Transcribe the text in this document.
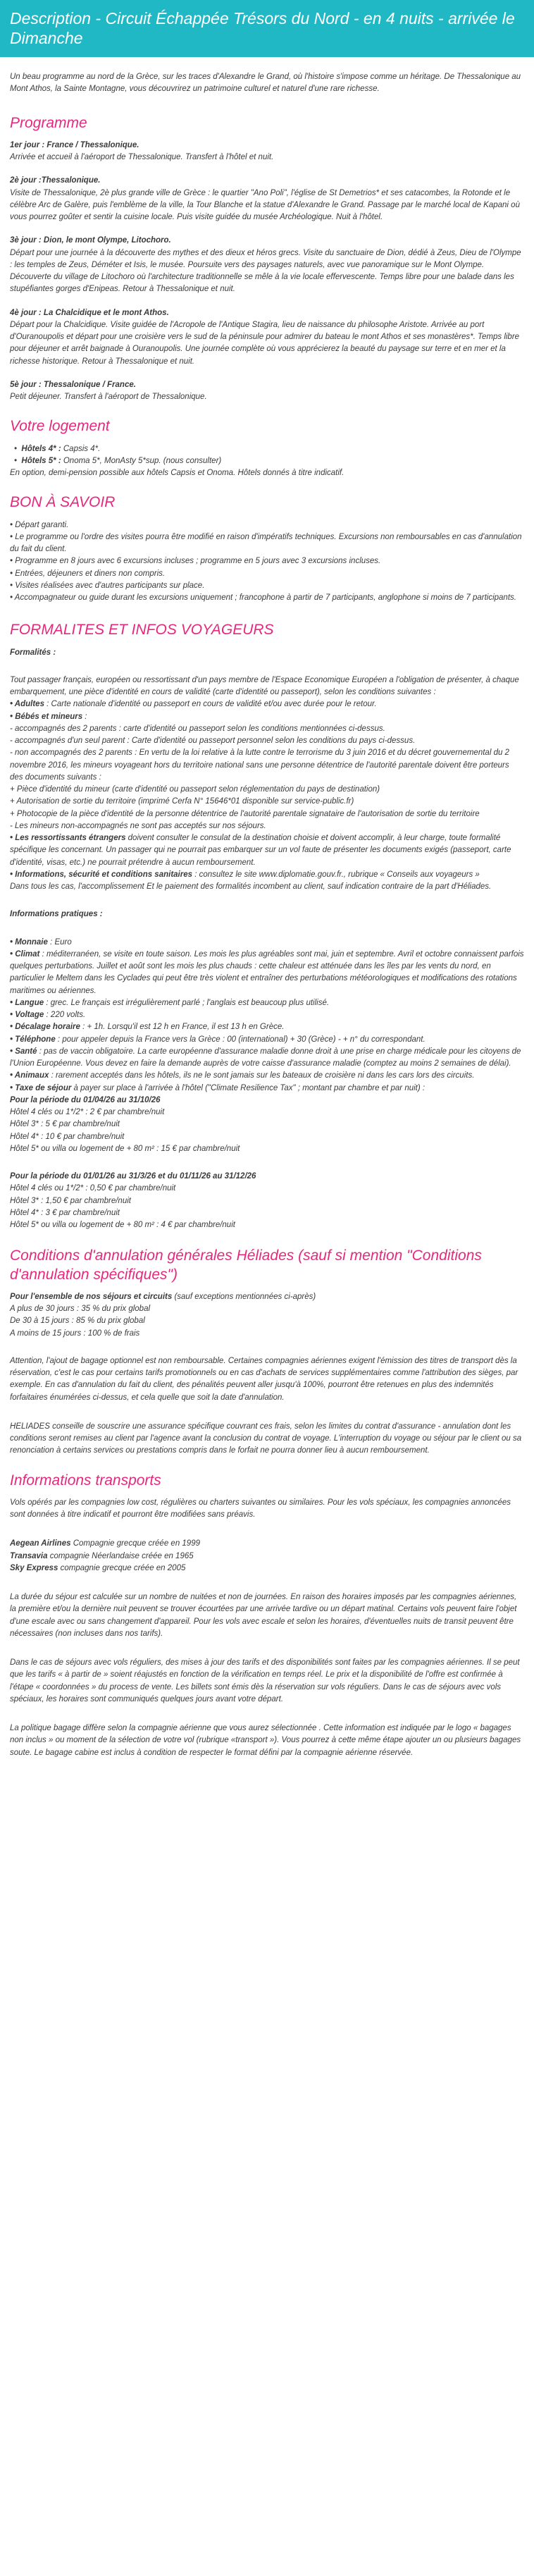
Description - Circuit Échappée Trésors du Nord - en 4 nuits - arrivée le Dimanche

Un beau programme au nord de la Grèce, sur les traces d'Alexandre le Grand, où l'histoire s'impose comme un héritage. De Thessalonique au Mont Athos, la Sainte Montagne, vous découvrirez un patrimoine culturel et naturel d'une rare richesse.

Programme
1er jour : France / Thessalonique.
Arrivée et accueil à l'aéroport de Thessalonique. Transfert à l'hôtel et nuit.
2è jour :Thessalonique.
Visite de Thessalonique, 2è plus grande ville de Grèce : le quartier "Ano Poli", l'église de St Demetrios* et ses catacombes, la Rotonde et le célèbre Arc de Galère, puis l'emblème de la ville, la Tour Blanche et la statue d'Alexandre le Grand. Passage par le marché local de Kapani où vous pourrez goûter et sentir la cuisine locale. Puis visite guidée du musée Archéologique. Nuit à l'hôtel.
3è jour : Dion, le mont Olympe, Litochoro.
Départ pour une journée à la découverte des mythes et des dieux et héros grecs. Visite du sanctuaire de Dion, dédié à Zeus, Dieu de l'Olympe : les temples de Zeus, Déméter et Isis, le musée. Poursuite vers des paysages naturels, avec vue panoramique sur le Mont Olympe. Découverte du village de Litochoro où l'architecture traditionnelle se mêle à la vie locale effervescente. Temps libre pour une balade dans les stupéfiantes gorges d'Enipeas. Retour à Thessalonique et nuit.
4è jour : La Chalcidique et le mont Athos.
Départ pour la Chalcidique. Visite guidée de l'Acropole de l'Antique Stagira, lieu de naissance du philosophe Aristote. Arrivée au port d'Ouranoupolis et départ pour une croisière vers le sud de la péninsule pour admirer du bateau le mont Athos et ses monastères*. Temps libre pour déjeuner et arrêt baignade à Ouranoupolis. Une journée complète où vous apprécierez la beauté du paysage sur terre et en mer et la richesse historique. Retour à Thessalonique et nuit.
5è jour : Thessalonique / France.
Petit déjeuner. Transfert à l'aéroport de Thessalonique.
Votre logement
•  Hôtels 4* : Capsis 4*.
•  Hôtels 5* : Onoma 5*, MonAsty 5*sup. (nous consulter)

En option, demi-pension possible aux hôtels Capsis et Onoma. Hôtels donnés à titre indicatif.

BON À SAVOIR
• Départ garanti.
• Le programme ou l'ordre des visites pourra être modifié en raison d'impératifs techniques. Excursions non remboursables en cas d'annulation du fait du client.
• Programme en 8 jours avec 6 excursions incluses ; programme en 5 jours avec 3 excursions incluses.
• Entrées, déjeuners et diners non compris.
• Visites réalisées avec d'autres participants sur place.
• Accompagnateur ou guide durant les excursions uniquement ; francophone à partir de 7 participants, anglophone si moins de 7 participants.
FORMALITES ET INFOS VOYAGEURS
Formalités :
Tout passager français, européen ou ressortissant d'un pays membre de l'Espace Economique Européen a l'obligation de présenter, à chaque embarquement, une pièce d'identité en cours de validité (carte d'identité ou passeport), selon les conditions suivantes :
• Adultes : Carte nationale d'identité ou passeport en cours de validité et/ou avec durée pour le retour.
• Bébés et mineurs :
- accompagnés des 2 parents : carte d'identité ou passeport selon les conditions mentionnées ci-dessus.
- accompagnés d'un seul parent : Carte d'identité ou passeport personnel selon les conditions du pays ci-dessus.
- non accompagnés des 2 parents : En vertu de la loi relative à la lutte contre le terrorisme du 3 juin 2016 et du décret gouvernemental du 2 novembre 2016, les mineurs voyageant hors du territoire national sans une personne détentrice de l'autorité parentale doivent être porteurs des documents suivants :
+ Pièce d'identité du mineur (carte d'identité ou passeport selon réglementation du pays de destination)
+ Autorisation de sortie du territoire (imprimé Cerfa N° 15646*01 disponible sur service-public.fr)
+ Photocopie de la pièce d'identité de la personne détentrice de l'autorité parentale signataire de l'autorisation de sortie du territoire
- Les mineurs non-accompagnés ne sont pas acceptés sur nos séjours.
• Les ressortissants étrangers doivent consulter le consulat de la destination choisie et doivent accomplir, à leur charge, toute formalité spécifique les concernant. Un passager qui ne pourrait pas embarquer sur un vol faute de présenter les documents exigés (passeport, carte d'identité, visas, etc.) ne pourrait prétendre à aucun remboursement.
• Informations, sécurité et conditions sanitaires : consultez le site www.diplomatie.gouv.fr., rubrique « Conseils aux voyageurs »
Dans tous les cas, l'accomplissement Et le paiement des formalités incombent au client, sauf indication contraire de la part d'Héliades.
Informations pratiques :
• Monnaie : Euro
• Climat : méditerranéen, se visite en toute saison. Les mois les plus agréables sont mai, juin et septembre. Avril et octobre connaissent parfois quelques perturbations. Juillet et août sont les mois les plus chauds : cette chaleur est atténuée dans les îles par les vents du nord, en particulier le Meltem dans les Cyclades qui peut être très violent et entraîner des perturbations météorologiques et modifications des rotations maritimes ou aériennes.
• Langue : grec. Le français est irrégulièrement parlé ; l'anglais est beaucoup plus utilisé.
• Voltage : 220 volts.
• Décalage horaire : + 1h. Lorsqu'il est 12 h en France, il est 13 h en Grèce.
• Téléphone : pour appeler depuis la France vers la Grèce : 00 (international) + 30 (Grèce) - + n° du correspondant.
• Santé : pas de vaccin obligatoire. La carte européenne d'assurance maladie donne droit à une prise en charge médicale pour les citoyens de l'Union Européenne. Vous devez en faire la demande auprès de votre caisse d'assurance maladie (comptez au moins 2 semaines de délai).
• Animaux : rarement acceptés dans les hôtels, ils ne le sont jamais sur les bateaux de croisière ni dans les cars lors des circuits.
• Taxe de séjour à payer sur place à l'arrivée à l'hôtel ("Climate Resilience Tax" ; montant par chambre et par nuit) :
Pour la période du 01/04/26 au 31/10/26
Hôtel 4 clés ou 1*/2* : 2 € par chambre/nuit
Hôtel 3* : 5 € par chambre/nuit
Hôtel 4* : 10 € par chambre/nuit
Hôtel 5* ou villa ou logement de + 80 m² : 15 € par chambre/nuit
Pour la période du 01/01/26 au 31/3/26 et du 01/11/26 au 31/12/26
Hôtel 4 clés ou 1*/2* : 0,50 € par chambre/nuit
Hôtel 3* : 1,50 € par chambre/nuit
Hôtel 4* : 3 € par chambre/nuit
Hôtel 5* ou villa ou logement de + 80 m² : 4 € par chambre/nuit
Conditions d'annulation générales Héliades (sauf si mention "Conditions d'annulation spécifiques")
Pour l'ensemble de nos séjours et circuits (sauf exceptions mentionnées ci-après)
A plus de 30 jours : 35 % du prix global
De 30 à 15 jours : 85 % du prix global
A moins de 15 jours : 100 % de frais

Attention, l'ajout de bagage optionnel est non remboursable. Certaines compagnies aériennes exigent l'émission des titres de transport dès la réservation, c'est le cas pour certains tarifs promotionnels ou en cas d'achats de services supplémentaires comme l'attribution des sièges, par exemple. En cas d'annulation du fait du client, des pénalités peuvent aller jusqu'à 100%, pourront être retenues en plus des indemnités forfaitaires énumérées ci-dessus, et cela quelle que soit la date d'annulation.

HELIADES conseille de souscrire une assurance spécifique couvrant ces frais, selon les limites du contrat d'assurance - annulation dont les conditions seront remises au client par l'agence avant la conclusion du contrat de voyage. L'interruption du voyage ou séjour par le client ou sa renonciation à certains services ou prestations compris dans le forfait ne pourra donner lieu à aucun remboursement.

Informations transports

Vols opérés par les compagnies low cost, régulières ou charters suivantes ou similaires. Pour les vols spéciaux, les compagnies annoncées sont données à titre indicatif et pourront être modifiées sans préavis.

Aegean Airlines Compagnie grecque créée en 1999
Transavia compagnie Néerlandaise créée en 1965
Sky Express compagnie grecque créée en 2005

La durée du séjour est calculée sur un nombre de nuitées et non de journées. En raison des horaires imposés par les compagnies aériennes, la première et/ou la dernière nuit peuvent se trouver écourtées par une arrivée tardive ou un départ matinal. Certains vols peuvent faire l'objet d'une escale avec ou sans changement d'appareil. Pour les vols avec escale et selon les horaires, d'éventuelles nuits de transit peuvent être nécessaires (non incluses dans nos tarifs).

Dans le cas de séjours avec vols réguliers, des mises à jour des tarifs et des disponibilités sont faites par les compagnies aériennes. Il se peut que les tarifs « à partir de » soient réajustés en fonction de la vérification en temps réel. Le prix et la disponibilité de l'offre est confirmée à l'étape « coordonnées » du process de vente. Les billets sont émis dès la réservation sur vols réguliers. Dans le cas de séjours avec vols spéciaux, les horaires sont communiqués quelques jours avant votre départ.

La politique bagage diffère selon la compagnie aérienne que vous aurez sélectionnée . Cette information est indiquée par le logo « bagages non inclus » ou moment de la sélection de votre vol (rubrique «transport »). Vous pourrez à cette même étape ajouter un ou plusieurs bagages soute. Le bagage cabine est inclus à condition de respecter le format défini par la compagnie aérienne réservée.
